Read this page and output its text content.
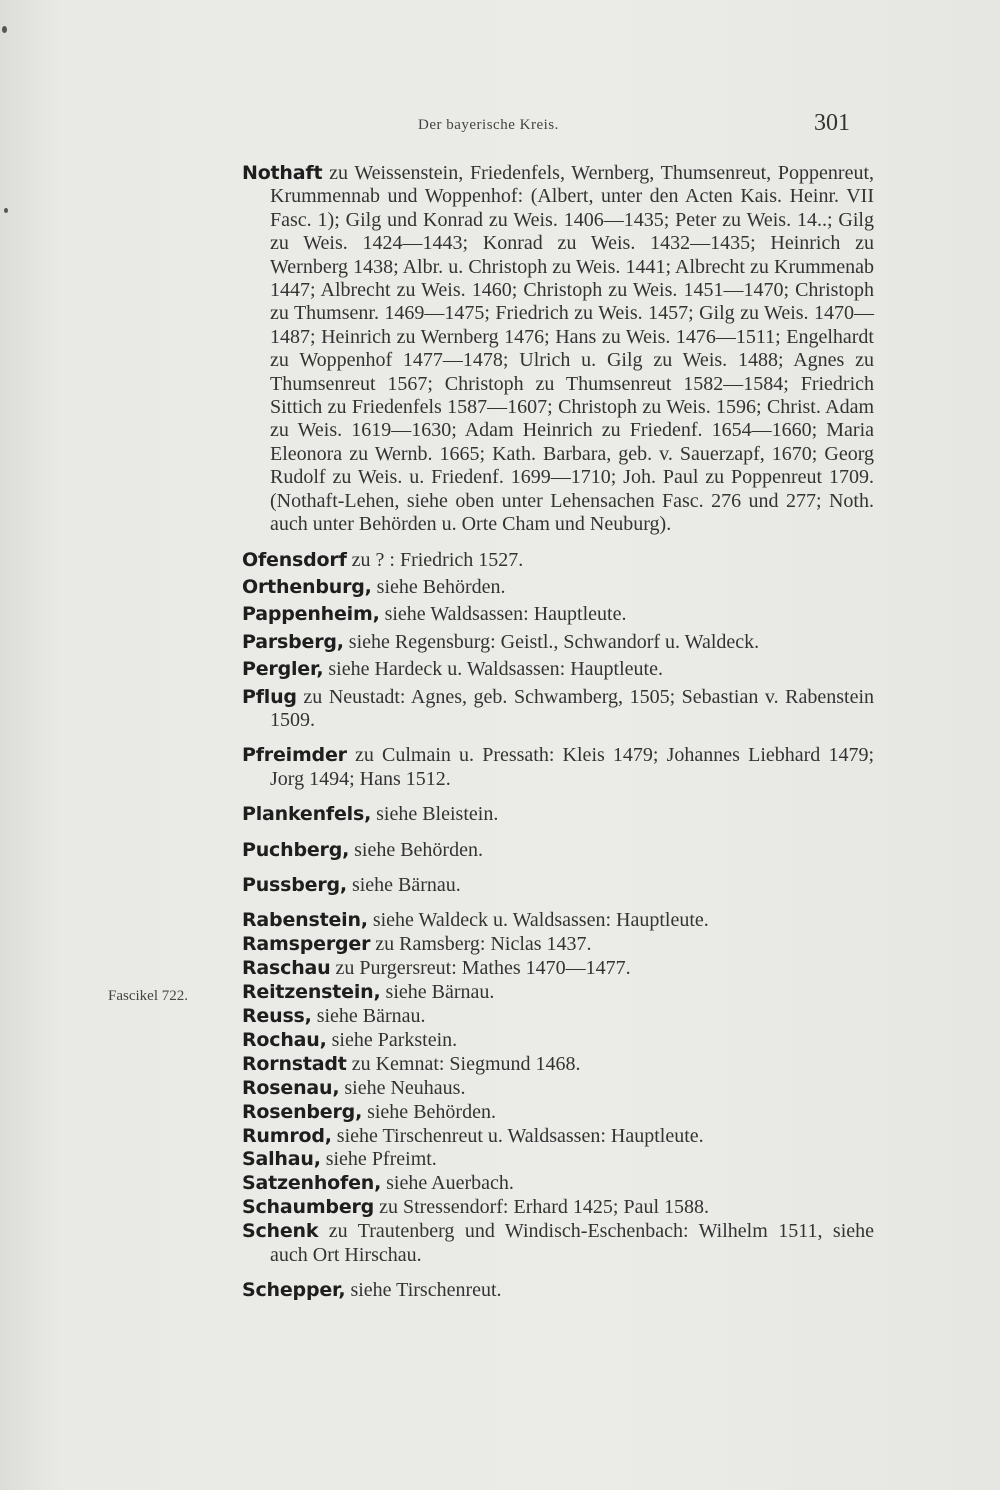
Der bayerische Kreis.	301
Fascikel 722.
Nothaft zu Weissenstein, Friedenfels, Wernberg, Thumsenreut, Poppenreut, Krummennab und Woppenhof: (Albert, unter den Acten Kais. Heinr. VII Fasc. 1); Gilg und Konrad zu Weis. 1406—1435; Peter zu Weis. 14..; Gilg zu Weis. 1424—1443; Konrad zu Weis. 1432—1435; Heinrich zu Wernberg 1438; Albr. u. Christoph zu Weis. 1441; Albrecht zu Krummenab 1447; Albrecht zu Weis. 1460; Christoph zu Weis. 1451—1470; Christoph zu Thumsenr. 1469—1475; Friedrich zu Weis. 1457; Gilg zu Weis. 1470—1487; Heinrich zu Wernberg 1476; Hans zu Weis. 1476—1511; Engelhardt zu Woppenhof 1477—1478; Ulrich u. Gilg zu Weis. 1488; Agnes zu Thumsenreut 1567; Christoph zu Thumsenreut 1582—1584; Friedrich Sittich zu Friedenfels 1587—1607; Christoph zu Weis. 1596; Christ. Adam zu Weis. 1619—1630; Adam Heinrich zu Friedenf. 1654—1660; Maria Eleonora zu Wernb. 1665; Kath. Barbara, geb. v. Sauerzapf, 1670; Georg Rudolf zu Weis. u. Friedenf. 1699—1710; Joh. Paul zu Poppenreut 1709. (Nothaft-Lehen, siehe oben unter Lehensachen Fasc. 276 und 277; Noth. auch unter Behörden u. Orte Cham und Neuburg).
Ofensdorf zu ? : Friedrich 1527.
Orthenburg, siehe Behörden.
Pappenheim, siehe Waldsassen: Hauptleute.
Parsberg, siehe Regensburg: Geistl., Schwandorf u. Waldeck.
Pergler, siehe Hardeck u. Waldsassen: Hauptleute.
Pflug zu Neustadt: Agnes, geb. Schwamberg, 1505; Sebastian v. Rabenstein 1509.
Pfreimder zu Culmain u. Pressath: Kleis 1479; Johannes Liebhard 1479; Jorg 1494; Hans 1512.
Plankenfels, siehe Bleistein.
Puchberg, siehe Behörden.
Pussberg, siehe Bärnau.
Rabenstein, siehe Waldeck u. Waldsassen: Hauptleute.
Ramsperger zu Ramsberg: Niclas 1437.
Raschau zu Purgersreut: Mathes 1470—1477.
Reitzenstein, siehe Bärnau.
Reuss, siehe Bärnau.
Rochau, siehe Parkstein.
Rornstadt zu Kemnat: Siegmund 1468.
Rosenau, siehe Neuhaus.
Rosenberg, siehe Behörden.
Rumrod, siehe Tirschenreut u. Waldsassen: Hauptleute.
Salhau, siehe Pfreimt.
Satzenhofen, siehe Auerbach.
Schaumberg zu Stressendorf: Erhard 1425; Paul 1588.
Schenk zu Trautenberg und Windisch-Eschenbach: Wilhelm 1511, siehe auch Ort Hirschau.
Schepper, siehe Tirschenreut.
